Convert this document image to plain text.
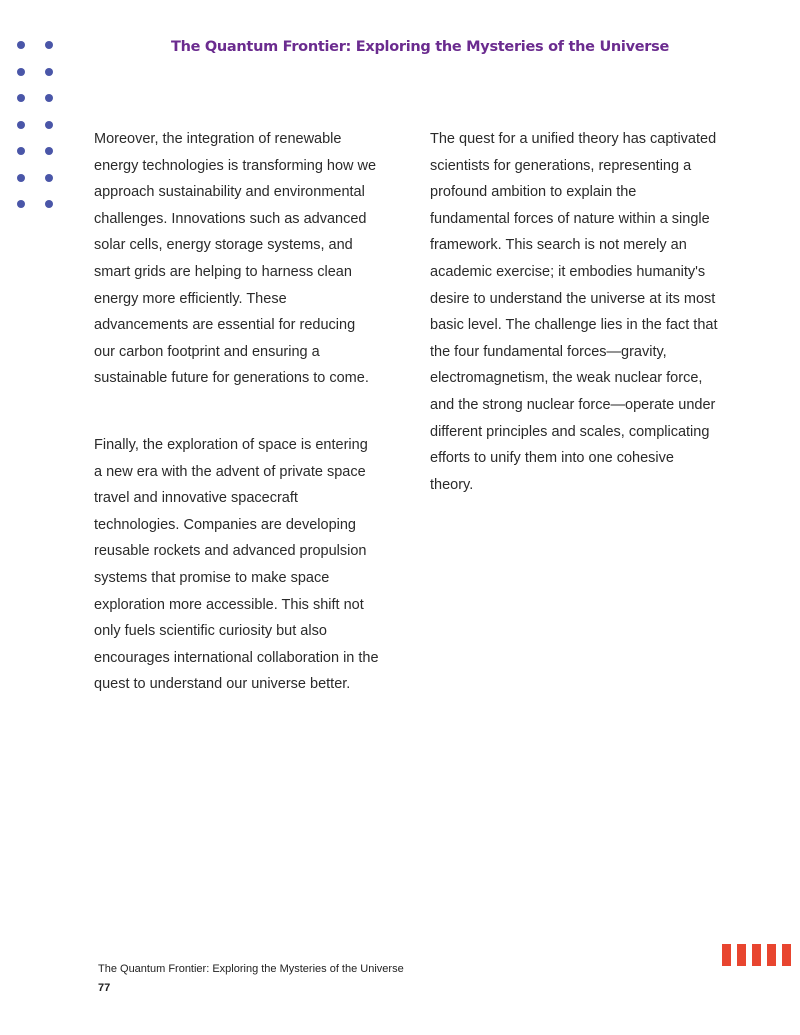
The Quantum Frontier: Exploring the Mysteries of the Universe

Moreover, the integration of renewable energy technologies is transforming how we approach sustainability and environmental challenges. Innovations such as advanced solar cells, energy storage systems, and smart grids are helping to harness clean energy more efficiently. These advancements are essential for reducing our carbon footprint and ensuring a sustainable future for generations to come.

Finally, the exploration of space is entering a new era with the advent of private space travel and innovative spacecraft technologies. Companies are developing reusable rockets and advanced propulsion systems that promise to make space exploration more accessible. This shift not only fuels scientific curiosity but also encourages international collaboration in the quest to understand our universe better.

The quest for a unified theory has captivated scientists for generations, representing a profound ambition to explain the fundamental forces of nature within a single framework. This search is not merely an academic exercise; it embodies humanity's desire to understand the universe at its most basic level. The challenge lies in the fact that the four fundamental forces—gravity, electromagnetism, the weak nuclear force, and the strong nuclear force—operate under different principles and scales, complicating efforts to unify them into one cohesive theory.

The Quantum Frontier: Exploring the Mysteries of the Universe
77
